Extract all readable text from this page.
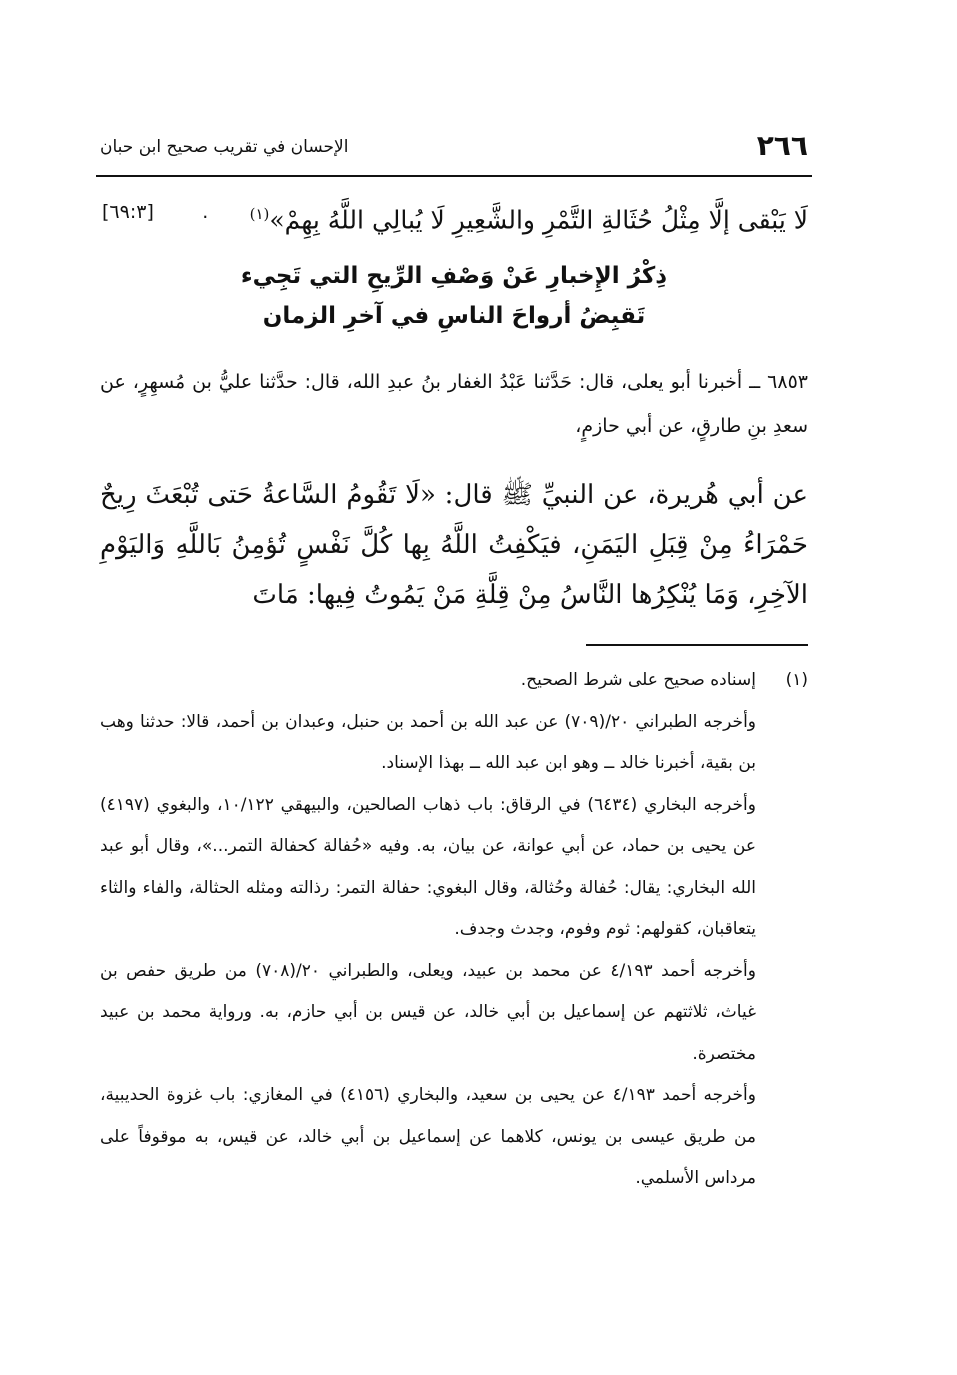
٢٦٦
الإحسان في تقريب صحيح ابن حبان
لَا يَبْقى إلَّا مِثْلُ حُثَالةِ التَّمْرِ والشَّعِيرِ لَا يُبالِي اللَّهُ بِهِمْ»$^{(١)}$
.        [٦٩:٣]
ذِكْرُ الإِخبارِ عَنْ وَصْفِ الرِّيحِ التي تَجِيء
تَقبِضُ أرواحَ الناسِ في آخرِ الزمان
٦٨٥٣ ــ أخبرنا أبو يعلى، قال: حَدَّثنا عَبْدُ الغفار بنُ عبدِ الله، قال: حدَّثنا عليُّ بن مُسهِرٍ، عن سعدِ بنِ طارقٍ، عن أبي حازمٍ،
عن أبي هُريرة، عن النبيِّ ﷺ قال: «لَا تَقُومُ السَّاعةُ حَتى تُبْعَثَ رِيحٌ حَمْرَاءُ مِنْ قِبَلِ اليَمَنِ، فيَكْفِتُ اللَّهُ بِها كُلَّ نَفْسٍ تُؤمِنُ بَاللَّهِ وَاليَوْمِ الآخِرِ، وَمَا يُنْكِرُها النَّاسُ مِنْ قِلَّةِ مَنْ يَمُوتُ فِيها: مَاتَ
(١)
إسناده صحيح على شرط الصحيح.

وأخرجه الطبراني ٢٠/(٧٠٩) عن عبد الله بن أحمد بن حنبل، وعبدان بن أحمد، قالا: حدثنا وهب بن بقية، أخبرنا خالد ــ وهو ابن عبد الله ــ بهذا الإسناد.

وأخرجه البخاري (٦٤٣٤) في الرقاق: باب ذهاب الصالحين، والبيهقي ١٠/١٢٢، والبغوي (٤١٩٧) عن يحيى بن حماد، عن أبي عوانة، عن بيان، به. وفيه «حُفالة كحفالة التمر...»، وقال أبو عبد الله البخاري: يقال: حُفالة وحُثالة، وقال البغوي: حفالة التمر: رذالته ومثله الحثالة، والفاء والثاء يتعاقبان، كقولهم: ثوم وفوم، وجدث وجدف.

وأخرجه أحمد ٤/١٩٣ عن محمد بن عبيد، ويعلى، والطبراني ٢٠/(٧٠٨) من طريق حفص بن غياث، ثلاثتهم عن إسماعيل بن أبي خالد، عن قيس بن أبي حازم، به. ورواية محمد بن عبيد مختصرة.

وأخرجه أحمد ٤/١٩٣ عن يحيى بن سعيد، والبخاري (٤١٥٦) في المغازي: باب غزوة الحديبية، من طريق عيسى بن يونس، كلاهما عن إسماعيل بن أبي خالد، عن قيس، به موقوفاً على مرداس الأسلمي.
